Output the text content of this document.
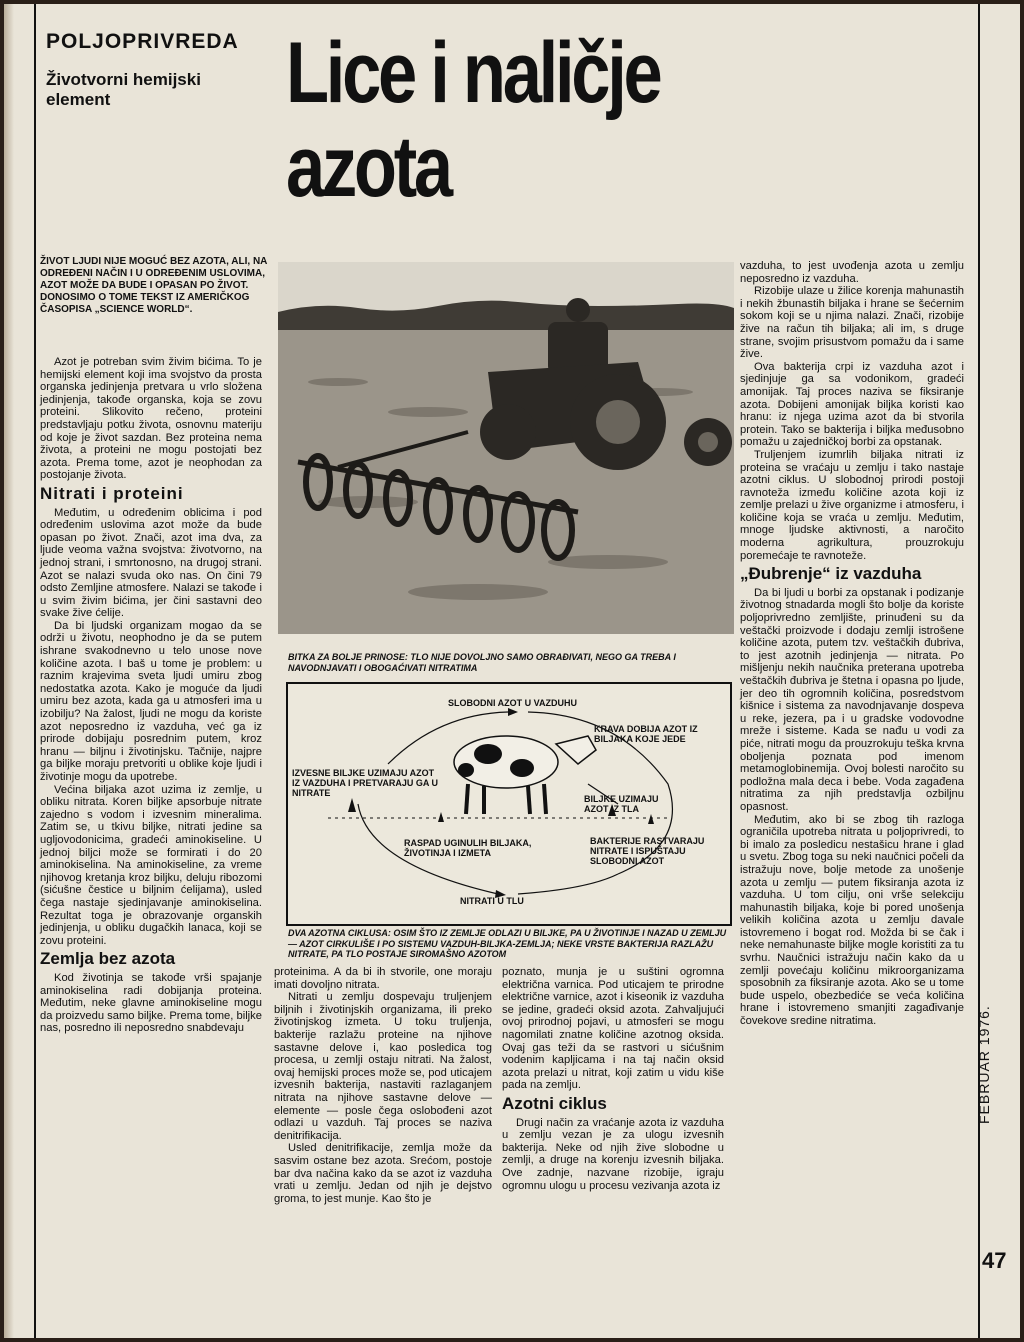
POLJOPRIVREDA
Životvorni hemijski element	Lice i naličje
azota
ŽIVOT LJUDI NIJE MOGUĆ BEZ AZOTA, ALI, NA ODREĐENI NAČIN I U ODREĐENIM USLOVIMA, AZOT MOŽE DA BUDE I OPASAN PO ŽIVOT. DONOSIMO O TOME TEKST IZ AMERIČKOG ČASOPISA „SCIENCE WORLD“.

Azot je potreban svim živim bićima. To je hemijski element koji ima svojstvo da prosta organska jedinjenja pretvara u vrlo složena jedinjenja, takođe organska, koja se zovu proteini. Slikovito rečeno, proteini predstavljaju potku života, osnovnu materiju od koje je život sazdan. Bez proteina nema života, a proteini ne mogu postojati bez azota. Prema tome, azot je neophodan za postojanje života.

Nitrati i proteini

Međutim, u određenim oblicima i pod određenim uslovima azot može da bude opasan po život. Znači, azot ima dva, za ljude veoma važna svojstva: životvorno, na jednoj strani, i smrtonosno, na drugoj strani. Azot se nalazi svuda oko nas. On čini 79 odsto Zemljine atmosfere. Nalazi se takođe i u svim živim bićima, jer čini sastavni deo svake žive ćelije.

Da bi ljudski organizam mogao da se održi u životu, neophodno je da se putem ishrane svakodnevno u telo unose nove količine azota. I baš u tome je problem: u raznim krajevima sveta ljudi umiru zbog nedostatka azota. Kako je moguće da ljudi umiru bez azota, kada ga u atmosferi ima u izobilju? Na žalost, ljudi ne mogu da koriste azot neposredno iz vazduha, već ga iz prirode dobijaju posrednim putem, kroz hranu — biljnu i životinjsku. Tačnije, najpre ga biljke moraju pretvoriti u oblike koje ljudi i životinje mogu da upotrebe.

Većina biljaka azot uzima iz zemlje, u obliku nitrata. Koren biljke apsorbuje nitrate zajedno s vodom i izvesnim mineralima. Zatim se, u tkivu biljke, nitrati jedine sa ugljovodonicima, gradeći aminokiseline. U jednoj biljci može se formirati i do 20 aminokiselina. Na aminokiseline, za vreme njihovog kretanja kroz biljku, deluju ribozomi (sićušne čestice u biljnim ćelijama), usled čega nastaje sjedinjavanje aminokiselina. Rezultat toga je obrazovanje organskih jedinjenja, u obliku dugačkih lanaca, koji se zovu proteini.

Zemlja bez azota

Kod životinja se takođe vrši spajanje aminokiselina radi dobijanja proteina. Međutim, neke glavne aminokiseline mogu da proizvedu samo biljke. Prema tome, biljke nas, posredno ili neposredno snabdevaju

BITKA ZA BOLJE PRINOSE: TLO NIJE DOVOLJNO SAMO OBRAĐIVATI, NEGO GA TREBA I NAVODNJAVATI I OBOGAĆIVATI NITRATIMA
SLOBODNI AZOT U VAZDUHU
KRAVA DOBIJA AZOT IZ BILJAKA KOJE JEDE
IZVESNE BILJKE UZIMAJU AZOT IZ VAZDUHA I PRETVARAJU GA U NITRATE
BILJKE UZIMAJU AZOT IZ TLA
RASPAD UGINULIH BILJAKA, ŽIVOTINJA I IZMETA
BAKTERIJE RASTVARAJU NITRATE I ISPUŠTAJU SLOBODNI AZOT
NITRATI U TLU
DVA AZOTNA CIKLUSA: OSIM ŠTO IZ ZEMLJE ODLAZI U BILJKE, PA U ŽIVOTINJE I NAZAD U ZEMLJU — AZOT CIRKULIŠE I PO SISTEMU VAZDUH-BILJKA-ZEMLJA; NEKE VRSTE BAKTERIJA RAZLAŽU NITRATE, PA TLO POSTAJE SIROMAŠNO AZOTOM

proteinima. A da bi ih stvorile, one moraju imati dovoljno nitrata.

Nitrati u zemlju dospevaju truljenjem biljnih i životinjskih organizama, ili preko životinjskog izmeta. U toku truljenja, bakterije razlažu proteine na njihove sastavne delove i, kao posledica tog procesa, u zemlji ostaju nitrati. Na žalost, ovaj hemijski proces može se, pod uticajem izvesnih bakterija, nastaviti razlaganjem nitrata na njihove sastavne delove — elemente — posle čega oslobođeni azot odlazi u vazduh. Taj proces se naziva denitrifikacija.

Usled denitrifikacije, zemlja može da sasvim ostane bez azota. Srećom, postoje bar dva načina kako da se azot iz vazduha vrati u zemlju. Jedan od njih je dejstvo groma, to jest munje. Kao što je

poznato, munja je u suštini ogromna električna varnica. Pod uticajem te prirodne električne varnice, azot i kiseonik iz vazduha se jedine, gradeći oksid azota. Zahvaljujući ovoj prirodnoj pojavi, u atmosferi se mogu nagomilati znatne količine azotnog oksida. Ovaj gas teži da se rastvori u sićušnim vodenim kapljicama i na taj način oksid azota prelazi u nitrat, koji zatim u vidu kiše pada na zemlju.

Azotni ciklus

Drugi način za vraćanje azota iz vazduha u zemlju vezan je za ulogu izvesnih bakterija. Neke od njih žive slobodne u zemlji, a druge na korenju izvesnih biljaka. Ove zadnje, nazvane rizobije, igraju ogromnu ulogu u procesu vezivanja azota iz

vazduha, to jest uvođenja azota u zemlju neposredno iz vazduha.

Rizobije ulaze u žilice korenja mahunastih i nekih žbunastih biljaka i hrane se šećernim sokom koji se u njima nalazi. Znači, rizobije žive na račun tih biljaka; ali im, s druge strane, svojim prisustvom pomažu da i same žive.

Ova bakterija crpi iz vazduha azot i sjedinjuje ga sa vodonikom, gradeći amonijak. Taj proces naziva se fiksiranje azota. Dobijeni amonijak biljka koristi kao hranu: iz njega uzima azot da bi stvorila protein. Tako se bakterija i biljka međusobno pomažu u zajedničkoj borbi za opstanak.

Truljenjem izumrlih biljaka nitrati iz proteina se vraćaju u zemlju i tako nastaje azotni ciklus. U slobodnoj prirodi postoji ravnoteža između količine azota koji iz zemlje prelazi u žive organizme i atmosferu, i količine koja se vraća u zemlju. Međutim, mnoge ljudske aktivnosti, a naročito moderna agrikultura, prouzrokuju poremećaje te ravnoteže.

„Đubrenje“ iz vazduha

Da bi ljudi u borbi za opstanak i podizanje životnog stnadarda mogli što bolje da koriste poljoprivredno zemljište, prinuđeni su da veštački proizvode i dodaju zemlji istrošene količine azota, putem tzv. veštačkih đubriva, to jest azotnih jedinjenja — nitrata. Po mišljenju nekih naučnika preterana upotreba veštačkih đubriva je štetna i opasna po ljude, jer deo tih ogromnih količina, posredstvom kišnice i sistema za navodnjavanje dospeva u reke, jezera, pa i u gradske vodovodne mreže i sisteme. Kada se nađu u vodi za piće, nitrati mogu da prouzrokuju teška krvna oboljenja poznata pod imenom metamoglobinemija. Ovoj bolesti naročito su podložna mala deca i bebe. Voda zagađena nitratima za njih predstavlja ozbiljnu opasnost.

Međutim, ako bi se zbog tih razloga ograničila upotreba nitrata u poljoprivredi, to bi imalo za posledicu nestašicu hrane i glad u svetu. Zbog toga su neki naučnici počeli da istražuju nove, bolje metode za unošenje azota u zemlju — putem fiksiranja azota iz vazduha. U tom cilju, oni vrše selekciju mahunastih biljaka, koje bi pored unošenja velikih količina azota u zemlju davale istovremeno i bogat rod. Možda bi se čak i neke nemahunaste biljke mogle koristiti za tu svrhu. Naučnici istražuju način kako da u zemlji povećaju količinu mikroorganizama sposobnih za fiksiranje azota. Ako se u tome bude uspelo, obezbediće se veća količina hrane i istovremeno smanjiti zagađivanje čovekove sredine nitratima.	FEBRUAR 1976.
47
